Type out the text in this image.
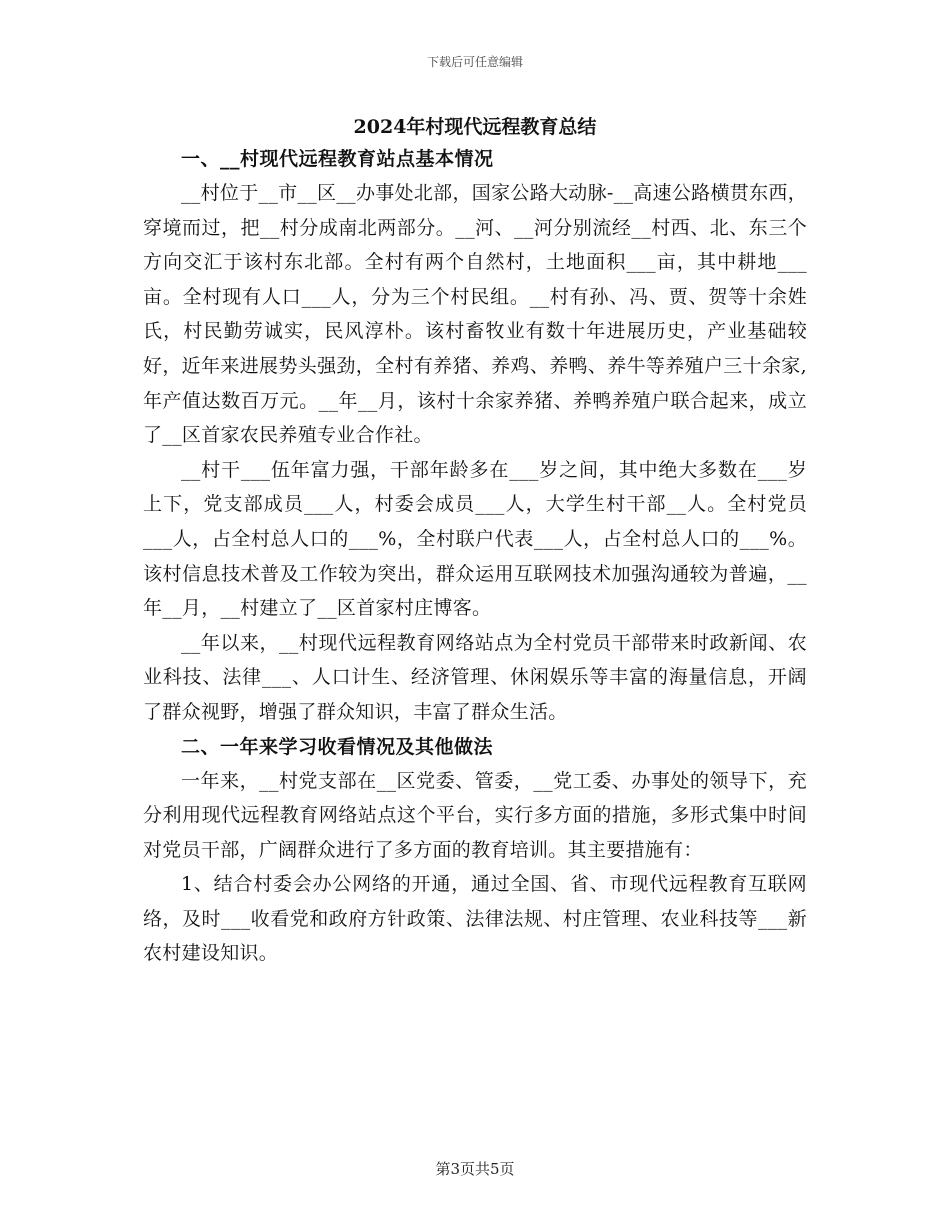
下载后可任意编辑
2024年村现代远程教育总结
一、__村现代远程教育站点基本情况

__村位于__市__区__办事处北部，国家公路大动脉-__高速公路横贯东西，穿境而过，把__村分成南北两部分。__河、__河分别流经__村西、北、东三个方向交汇于该村东北部。全村有两个自然村，土地面积___亩，其中耕地___亩。全村现有人口___人，分为三个村民组。__村有孙、冯、贾、贺等十余姓氏，村民勤劳诚实，民风淳朴。该村畜牧业有数十年进展历史，产业基础较好，近年来进展势头强劲，全村有养猪、养鸡、养鸭、养牛等养殖户三十余家,年产值达数百万元。__年__月，该村十余家养猪、养鸭养殖户联合起来，成立了__区首家农民养殖专业合作社。

__村干___伍年富力强，干部年龄多在___岁之间，其中绝大多数在___岁上下，党支部成员___人，村委会成员___人，大学生村干部__人。全村党员___人，占全村总人口的___%，全村联户代表___人，占全村总人口的___%。该村信息技术普及工作较为突出，群众运用互联网技术加强沟通较为普遍，__年__月，__村建立了__区首家村庄博客。

__年以来，__村现代远程教育网络站点为全村党员干部带来时政新闻、农业科技、法律___、人口计生、经济管理、休闲娱乐等丰富的海量信息，开阔了群众视野，增强了群众知识，丰富了群众生活。

二、一年来学习收看情况及其他做法

一年来，__村党支部在__区党委、管委，__党工委、办事处的领导下，充分利用现代远程教育网络站点这个平台，实行多方面的措施，多形式集中时间对党员干部，广阔群众进行了多方面的教育培训。其主要措施有：

1、结合村委会办公网络的开通，通过全国、省、市现代远程教育互联网络，及时___收看党和政府方针政策、法律法规、村庄管理、农业科技等___新农村建设知识。

第3页共5页
